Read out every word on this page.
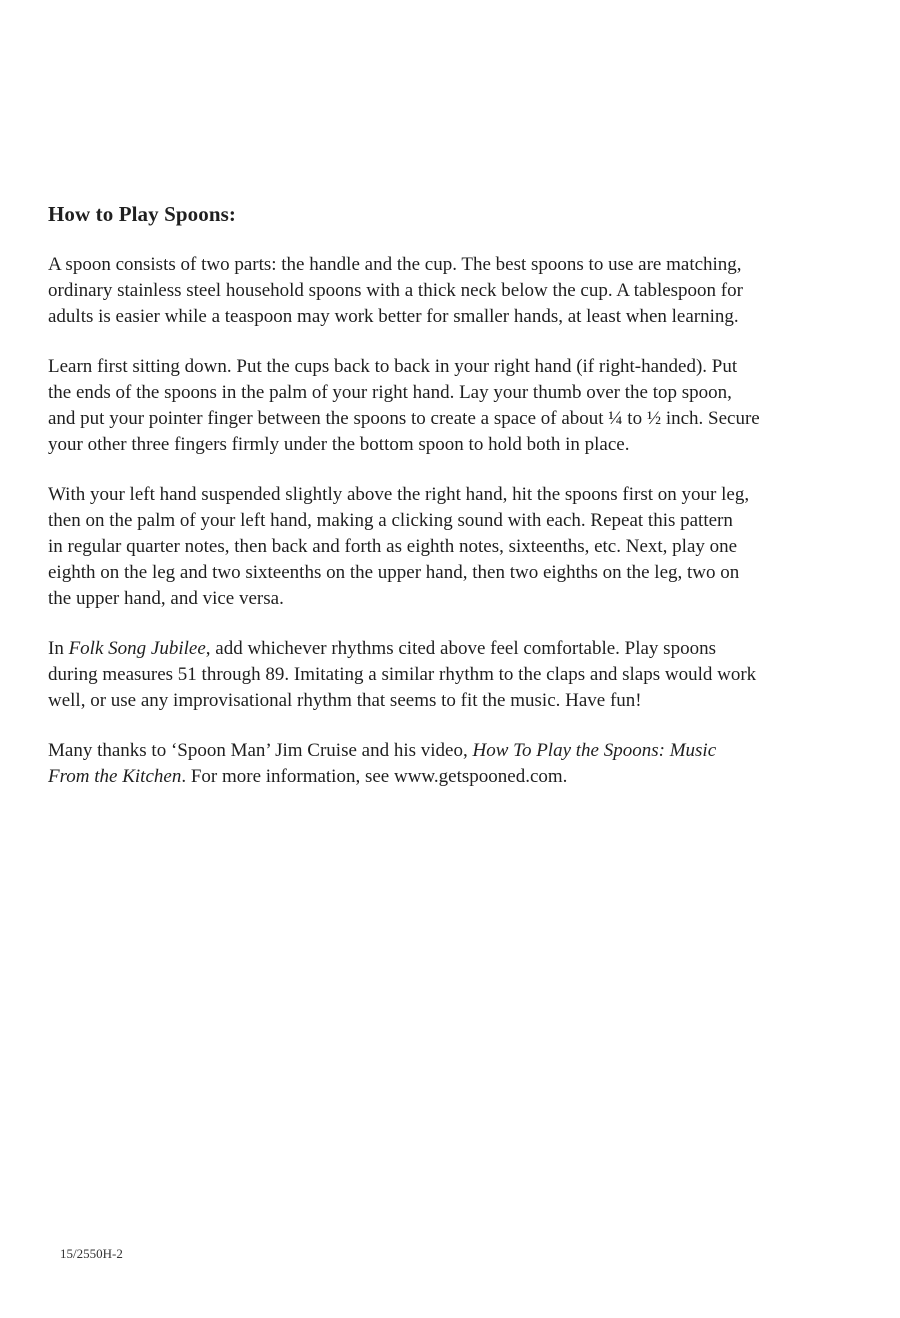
How to Play Spoons:

A spoon consists of two parts: the handle and the cup. The best spoons to use are matching,
ordinary stainless steel household spoons with a thick neck below the cup. A tablespoon for
adults is easier while a teaspoon may work better for smaller hands, at least when learning.

Learn first sitting down. Put the cups back to back in your right hand (if right-handed). Put
the ends of the spoons in the palm of your right hand. Lay your thumb over the top spoon,
and put your pointer finger between the spoons to create a space of about ¼ to ½ inch. Secure
your other three fingers firmly under the bottom spoon to hold both in place.

With your left hand suspended slightly above the right hand, hit the spoons first on your leg,
then on the palm of your left hand, making a clicking sound with each. Repeat this pattern
in regular quarter notes, then back and forth as eighth notes, sixteenths, etc. Next, play one
eighth on the leg and two sixteenths on the upper hand, then two eighths on the leg, two on
the upper hand, and vice versa.

In Folk Song Jubilee, add whichever rhythms cited above feel comfortable. Play spoons
during measures 51 through 89. Imitating a similar rhythm to the claps and slaps would work
well, or use any improvisational rhythm that seems to fit the music. Have fun!

Many thanks to ‘Spoon Man’ Jim Cruise and his video, How To Play the Spoons: Music
From the Kitchen. For more information, see www.getspooned.com.

15/2550H-2
